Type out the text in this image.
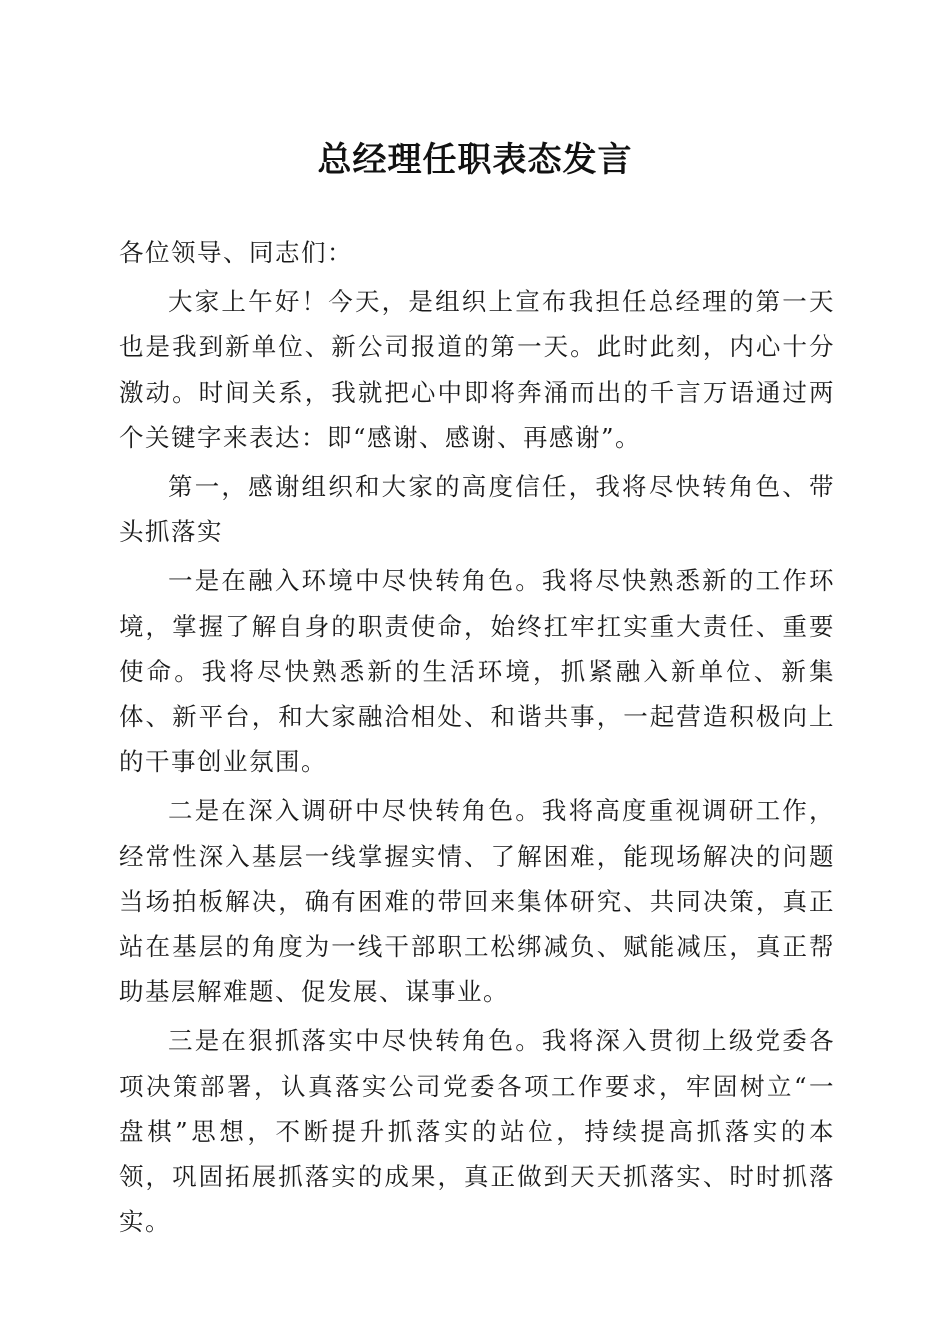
总经理任职表态发言

各位领导、同志们：

大家上午好！今天，是组织上宣布我担任总经理的第一天也是我到新单位、新公司报道的第一天。此时此刻，内心十分激动。时间关系，我就把心中即将奔涌而出的千言万语通过两个关键字来表达：即“感谢、感谢、再感谢”。

第一，感谢组织和大家的高度信任，我将尽快转角色、带头抓落实

一是在融入环境中尽快转角色。我将尽快熟悉新的工作环境，掌握了解自身的职责使命，始终扛牢扛实重大责任、重要使命。我将尽快熟悉新的生活环境，抓紧融入新单位、新集体、新平台，和大家融洽相处、和谐共事，一起营造积极向上的干事创业氛围。

二是在深入调研中尽快转角色。我将高度重视调研工作，经常性深入基层一线掌握实情、了解困难，能现场解决的问题当场拍板解决，确有困难的带回来集体研究、共同决策，真正站在基层的角度为一线干部职工松绑减负、赋能减压，真正帮助基层解难题、促发展、谋事业。

三是在狠抓落实中尽快转角色。我将深入贯彻上级党委各项决策部署，认真落实公司党委各项工作要求，牢固树立“一盘棋”思想，不断提升抓落实的站位，持续提高抓落实的本领，巩固拓展抓落实的成果，真正做到天天抓落实、时时抓落实。
